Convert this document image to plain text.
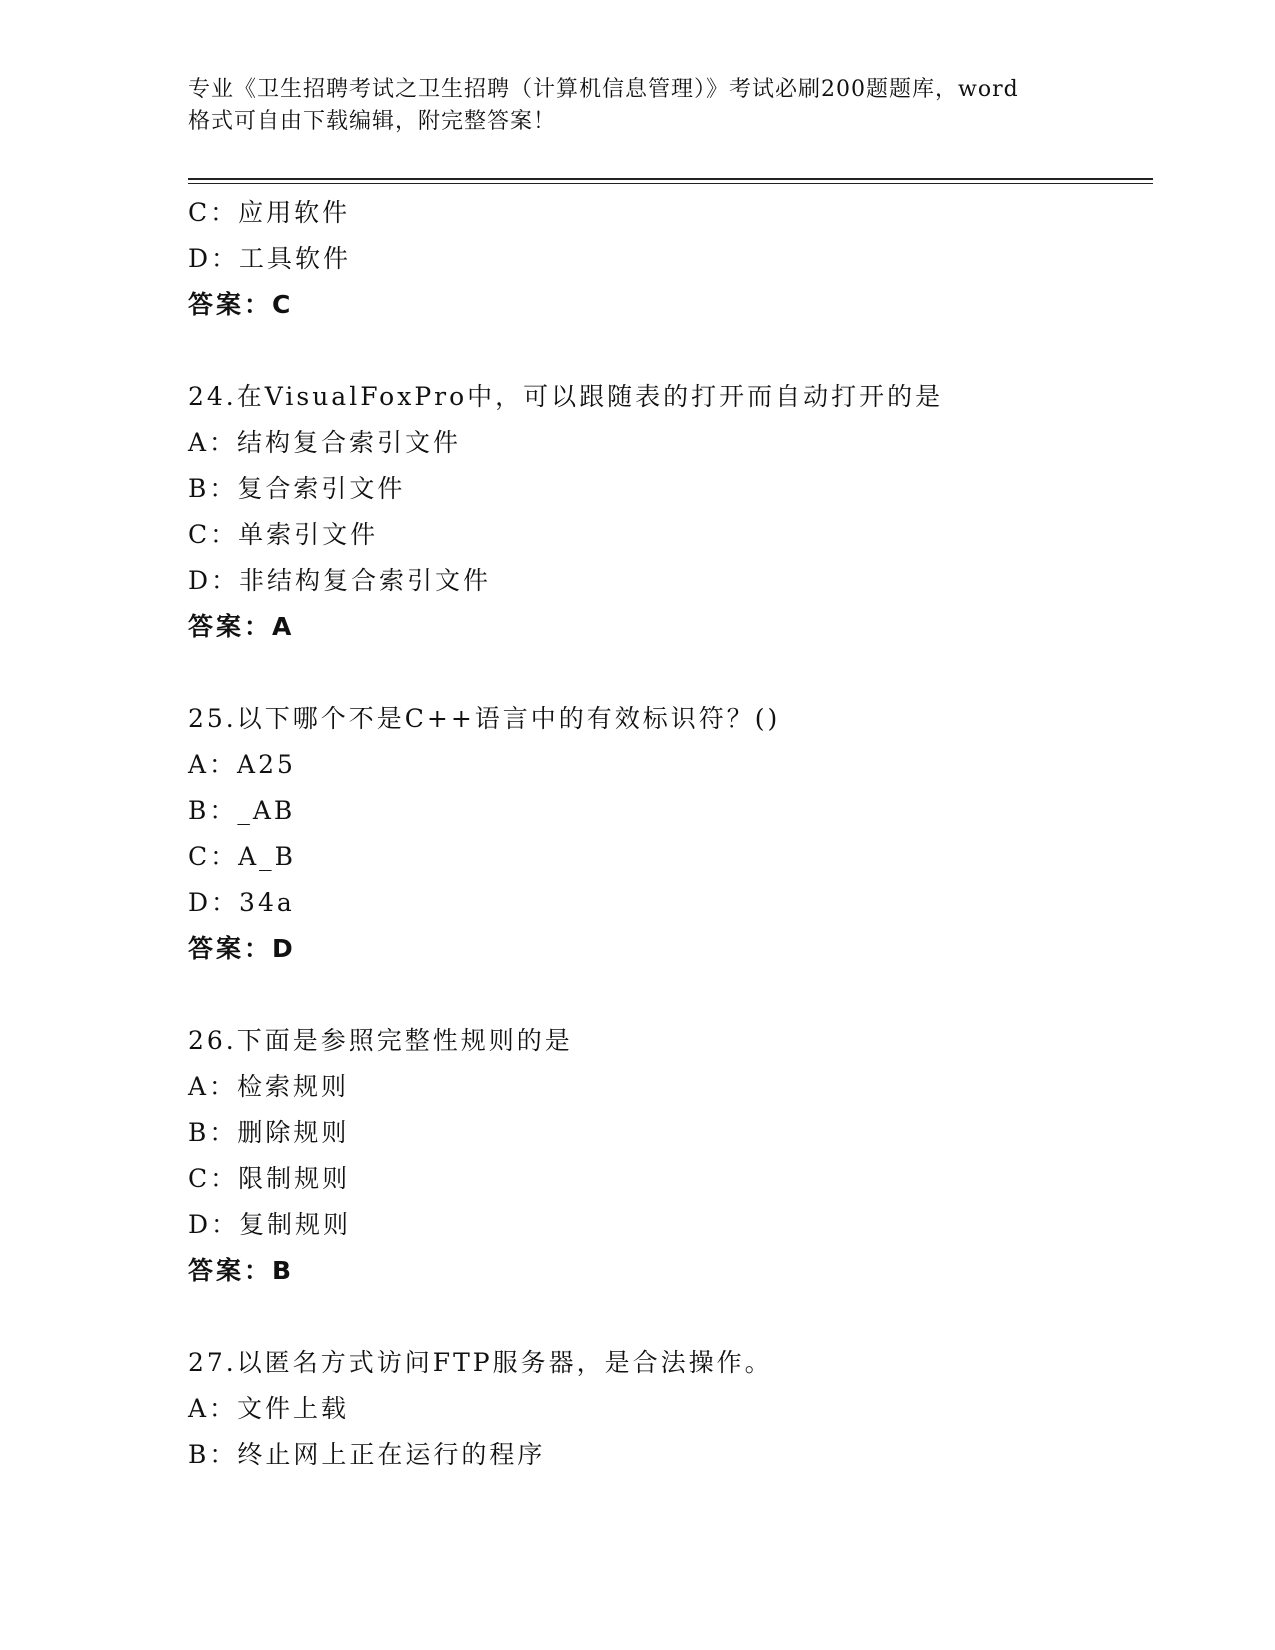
专业《卫生招聘考试之卫生招聘（计算机信息管理）》考试必刷200题题库，word
格式可自由下载编辑，附完整答案！
C：应用软件
D：工具软件
答案：C
24.在VisualFoxPro中，可以跟随表的打开而自动打开的是
A：结构复合索引文件
B：复合索引文件
C：单索引文件
D：非结构复合索引文件
答案：A
25.以下哪个不是C++语言中的有效标识符？()
A：A25
B：_AB
C：A_B
D：34a
答案：D
26.下面是参照完整性规则的是
A：检索规则
B：删除规则
C：限制规则
D：复制规则
答案：B
27.以匿名方式访问FTP服务器，是合法操作。
A：文件上载
B：终止网上正在运行的程序
